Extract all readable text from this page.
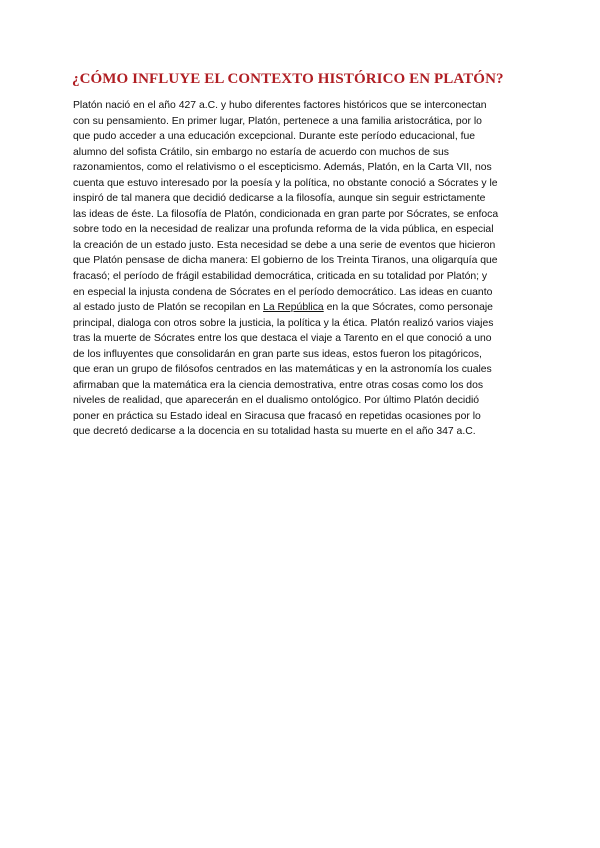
¿CÓMO INFLUYE EL CONTEXTO HISTÓRICO EN PLATÓN?
Platón nació en el año 427 a.C. y hubo diferentes factores históricos que se interconectan
con su pensamiento. En primer lugar, Platón, pertenece a una familia aristocrática, por lo
que pudo acceder a una educación excepcional. Durante este período educacional, fue
alumno del sofista Crátilo, sin embargo no estaría de acuerdo con muchos de sus
razonamientos, como el relativismo o el escepticismo. Además, Platón, en la Carta VII, nos
cuenta que estuvo interesado por la poesía y la política, no obstante conoció a Sócrates y le
inspiró de tal manera que decidió dedicarse a la filosofía, aunque sin seguir estrictamente
las ideas de éste. La filosofía de Platón, condicionada en gran parte por Sócrates, se enfoca
sobre todo en la necesidad de realizar una profunda reforma de la vida pública, en especial
la creación de un estado justo. Esta necesidad se debe a una serie de eventos que hicieron
que Platón pensase de dicha manera: El gobierno de los Treinta Tiranos, una oligarquía que
fracasó; el período de frágil estabilidad democrática, criticada en su totalidad por Platón; y
en especial la injusta condena de Sócrates en el período democrático. Las ideas en cuanto
al estado justo de Platón se recopilan en La República en la que Sócrates, como personaje
principal, dialoga con otros sobre la justicia, la política y la ética. Platón realizó varios viajes
tras la muerte de Sócrates entre los que destaca el viaje a Tarento en el que conoció a uno
de los influyentes que consolidarán en gran parte sus ideas, estos fueron los pitagóricos,
que eran un grupo de filósofos centrados en las matemáticas y en la astronomía los cuales
afirmaban que la matemática era la ciencia demostrativa, entre otras cosas como los dos
niveles de realidad, que aparecerán en el dualismo ontológico. Por último Platón decidió
poner en práctica su Estado ideal en Siracusa que fracasó en repetidas ocasiones por lo
que decretó dedicarse a la docencia en su totalidad hasta su muerte en el año 347 a.C.
